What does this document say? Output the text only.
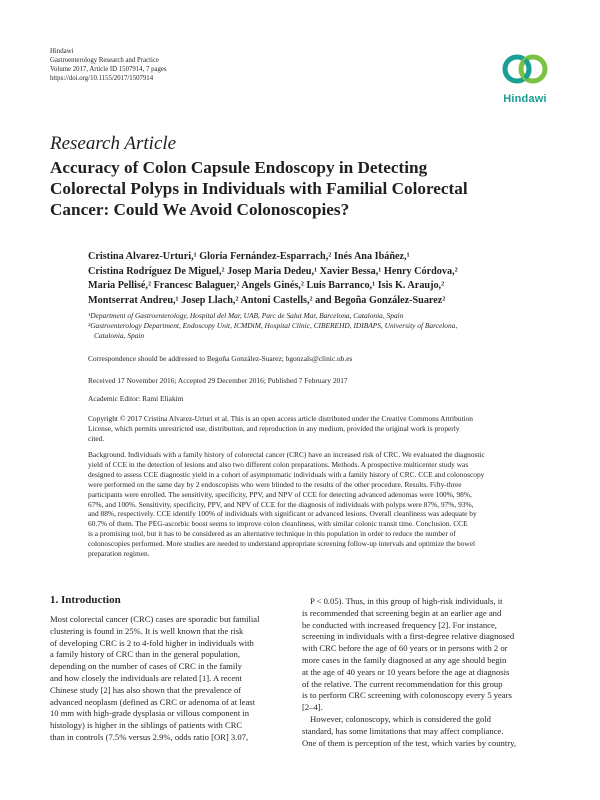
Hindawi
Gastroenterology Research and Practice
Volume 2017, Article ID 1507914, 7 pages
https://doi.org/10.1155/2017/1507914
Hindawi
Research Article
Accuracy of Colon Capsule Endoscopy in Detecting
Colorectal Polyps in Individuals with Familial Colorectal
Cancer: Could We Avoid Colonoscopies?
Cristina Alvarez-Urturi,¹ Gloria Fernández-Esparrach,² Inés Ana Ibáñez,¹
Cristina Rodríguez De Miguel,² Josep Maria Dedeu,¹ Xavier Bessa,¹ Henry Córdova,²
Maria Pellisé,² Francesc Balaguer,² Angels Ginés,² Luis Barranco,¹ Isis K. Araujo,²
Montserrat Andreu,¹ Josep Llach,² Antoni Castells,² and Begoña González-Suarez²
¹Department of Gastroenterology, Hospital del Mar, UAB, Parc de Salut Mar, Barcelona, Catalonia, Spain
²Gastroenterology Department, Endoscopy Unit, ICMDiM, Hospital Clinic, CIBEREHD, IDIBAPS, University of Barcelona,
Catalonia, Spain
Correspondence should be addressed to Begoña González-Suarez; bgonzals@clinic.ub.es
Received 17 November 2016; Accepted 29 December 2016; Published 7 February 2017
Academic Editor: Rami Eliakim
Copyright © 2017 Cristina Alvarez-Urturi et al. This is an open access article distributed under the Creative Commons Attribution
License, which permits unrestricted use, distribution, and reproduction in any medium, provided the original work is properly
cited.
Background. Individuals with a family history of colorectal cancer (CRC) have an increased risk of CRC. We evaluated the diagnostic
yield of CCE in the detection of lesions and also two different colon preparations. Methods. A prospective multicenter study was
designed to assess CCE diagnostic yield in a cohort of asymptomatic individuals with a family history of CRC. CCE and colonoscopy
were performed on the same day by 2 endoscopists who were blinded to the results of the other procedure. Results. Fifty-three
participants were enrolled. The sensitivity, specificity, PPV, and NPV of CCE for detecting advanced adenomas were 100%, 98%,
67%, and 100%. Sensitivity, specificity, PPV, and NPV of CCE for the diagnosis of individuals with polyps were 87%, 97%, 93%,
and 88%, respectively. CCE identify 100% of individuals with significant or advanced lesions. Overall cleanliness was adequate by
60.7% of them. The PEG-ascorbic boost seems to improve colon cleanliness, with similar colonic transit time. Conclusion. CCE
is a promising tool, but it has to be considered as an alternative technique in this population in order to reduce the number of
colonoscopies performed. More studies are needed to understand appropriate screening follow-up intervals and optimize the bowel
preparation regimen.
1. Introduction
Most colorectal cancer (CRC) cases are sporadic but familial
clustering is found in 25%. It is well known that the risk
of developing CRC is 2 to 4-fold higher in individuals with
a family history of CRC than in the general population,
depending on the number of cases of CRC in the family
and how closely the individuals are related [1]. A recent
Chinese study [2] has also shown that the prevalence of
advanced neoplasm (defined as CRC or adenoma of at least
10 mm with high-grade dysplasia or villous component in
histology) is higher in the siblings of patients with CRC
than in controls (7.5% versus 2.9%, odds ratio [OR] 3.07,
P < 0.05). Thus, in this group of high-risk individuals, it
is recommended that screening begin at an earlier age and
be conducted with increased frequency [2]. For instance,
screening in individuals with a first-degree relative diagnosed
with CRC before the age of 60 years or in persons with 2 or
more cases in the family diagnosed at any age should begin
at the age of 40 years or 10 years before the age at diagnosis
of the relative. The current recommendation for this group
is to perform CRC screening with colonoscopy every 5 years
[2–4].
However, colonoscopy, which is considered the gold
standard, has some limitations that may affect compliance.
One of them is perception of the test, which varies by country,
